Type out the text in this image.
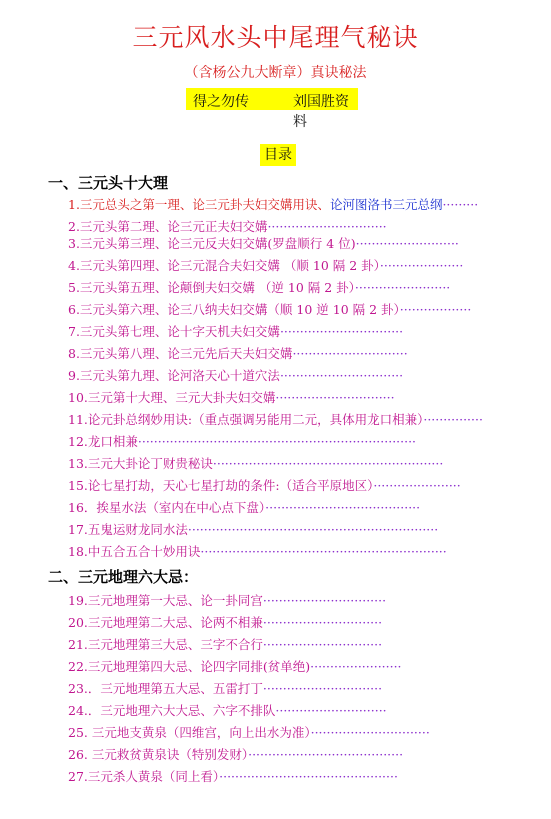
三元风水头中尾理气秘诀
（含杨公九大断章）真诀秘法
得之勿传	刘国胜资料
目录
一、三元头十大理
1.三元总头之第一理、论三元卦夫妇交媾用诀、论河图洛书三元总纲·········
2.三元头第二理、论三元正夫妇交媾······························
3.三元头第三理、论三元反夫妇交媾(罗盘顺行 4 位)··························
4.三元头第四理、论三元混合夫妇交媾 （顺 10 隔 2 卦）·····················
5.三元头第五理、论颠倒夫妇交媾 （逆 10 隔 2 卦）························
6.三元头第六理、论三八纳夫妇交媾（顺 10 逆 10 隔 2 卦）··················
7.三元头第七理、论十字天机夫妇交媾·······························
8.三元头第八理、论三元先后天夫妇交媾·····························
9.三元头第九理、论河洛天心十道穴法·······························
10.三元第十大理、三元大卦夫妇交媾······························
11.论元卦总纲妙用诀:（重点强调另能用二元，具体用龙口相兼）···············
12.龙口相兼······································································
13.三元大卦论丁财贵秘诀··························································
15.论七星打劫，天心七星打劫的条件:（适合平原地区）······················
16．挨星水法（室内在中心点下盘）·······································
17.五鬼运财龙同水法·······························································
18.中五合五合十妙用诀······························································
二、三元地理六大忌：
19.三元地理第一大忌、论一卦同宫·······························
20.三元地理第二大忌、论两不相兼······························
21.三元地理第三大忌、三字不合行······························
22.三元地理第四大忌、论四字同排(贫单绝)·······················
23.．三元地理第五大忌、五雷打丁······························
24.．三元地理六大大忌、六字不排队····························
25. 三元地支黄泉（四维宫，向上出水为准）······························
26. 三元救贫黄泉诀（特别发财）·······································
27.三元杀人黄泉（同上看）·············································
